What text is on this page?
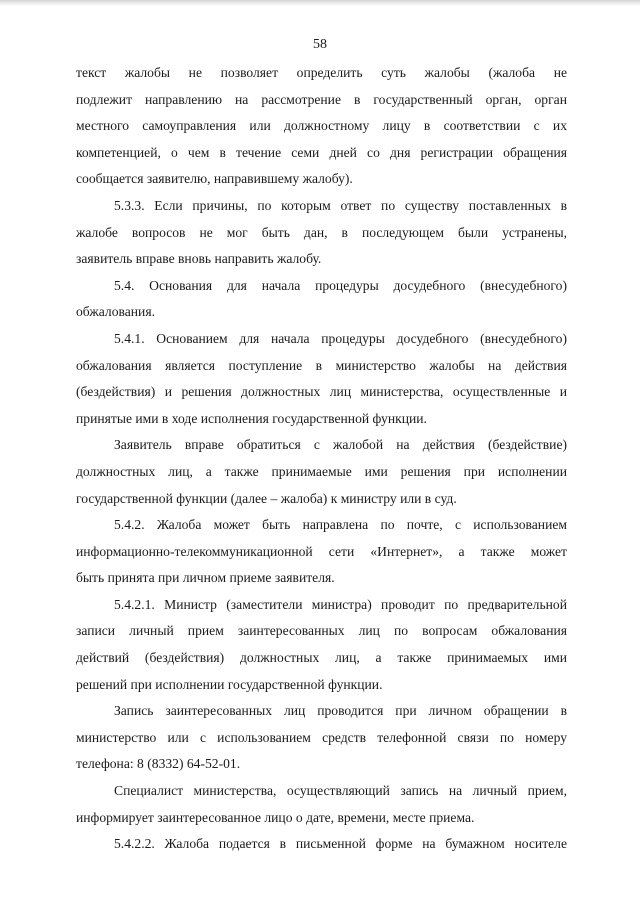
58

текст жалобы не позволяет определить суть жалобы (жалоба не

подлежит направлению на рассмотрение в государственный орган, орган

местного самоуправления или должностному лицу в соответствии с их

компетенцией, о чем в течение семи дней со дня регистрации обращения

сообщается заявителю, направившему жалобу).

5.3.3. Если причины, по которым ответ по существу поставленных в

жалобе вопросов не мог быть дан, в последующем были устранены,

заявитель вправе вновь направить жалобу.

5.4. Основания для начала процедуры досудебного (внесудебного)

обжалования.

5.4.1. Основанием для начала процедуры досудебного (внесудебного)

обжалования является поступление в министерство жалобы на действия

(бездействия) и решения должностных лиц министерства, осуществленные и

принятые ими в ходе исполнения государственной функции.

Заявитель вправе обратиться с жалобой на действия (бездействие)

должностных лиц, а также принимаемые ими решения при исполнении

государственной функции (далее – жалоба) к министру или в суд.

5.4.2. Жалоба может быть направлена по почте, с использованием

информационно-телекоммуникационной сети «Интернет», а также может

быть принята при личном приеме заявителя.

5.4.2.1. Министр (заместители министра) проводит по предварительной

записи личный прием заинтересованных лиц по вопросам обжалования

действий (бездействия) должностных лиц, а также принимаемых ими

решений при исполнении государственной функции.

Запись заинтересованных лиц проводится при личном обращении в

министерство или с использованием средств телефонной связи по номеру

телефона: 8 (8332) 64-52-01.

Специалист министерства, осуществляющий запись на личный прием,

информирует заинтересованное лицо о дате, времени, месте приема.

5.4.2.2. Жалоба подается в письменной форме на бумажном носителе
